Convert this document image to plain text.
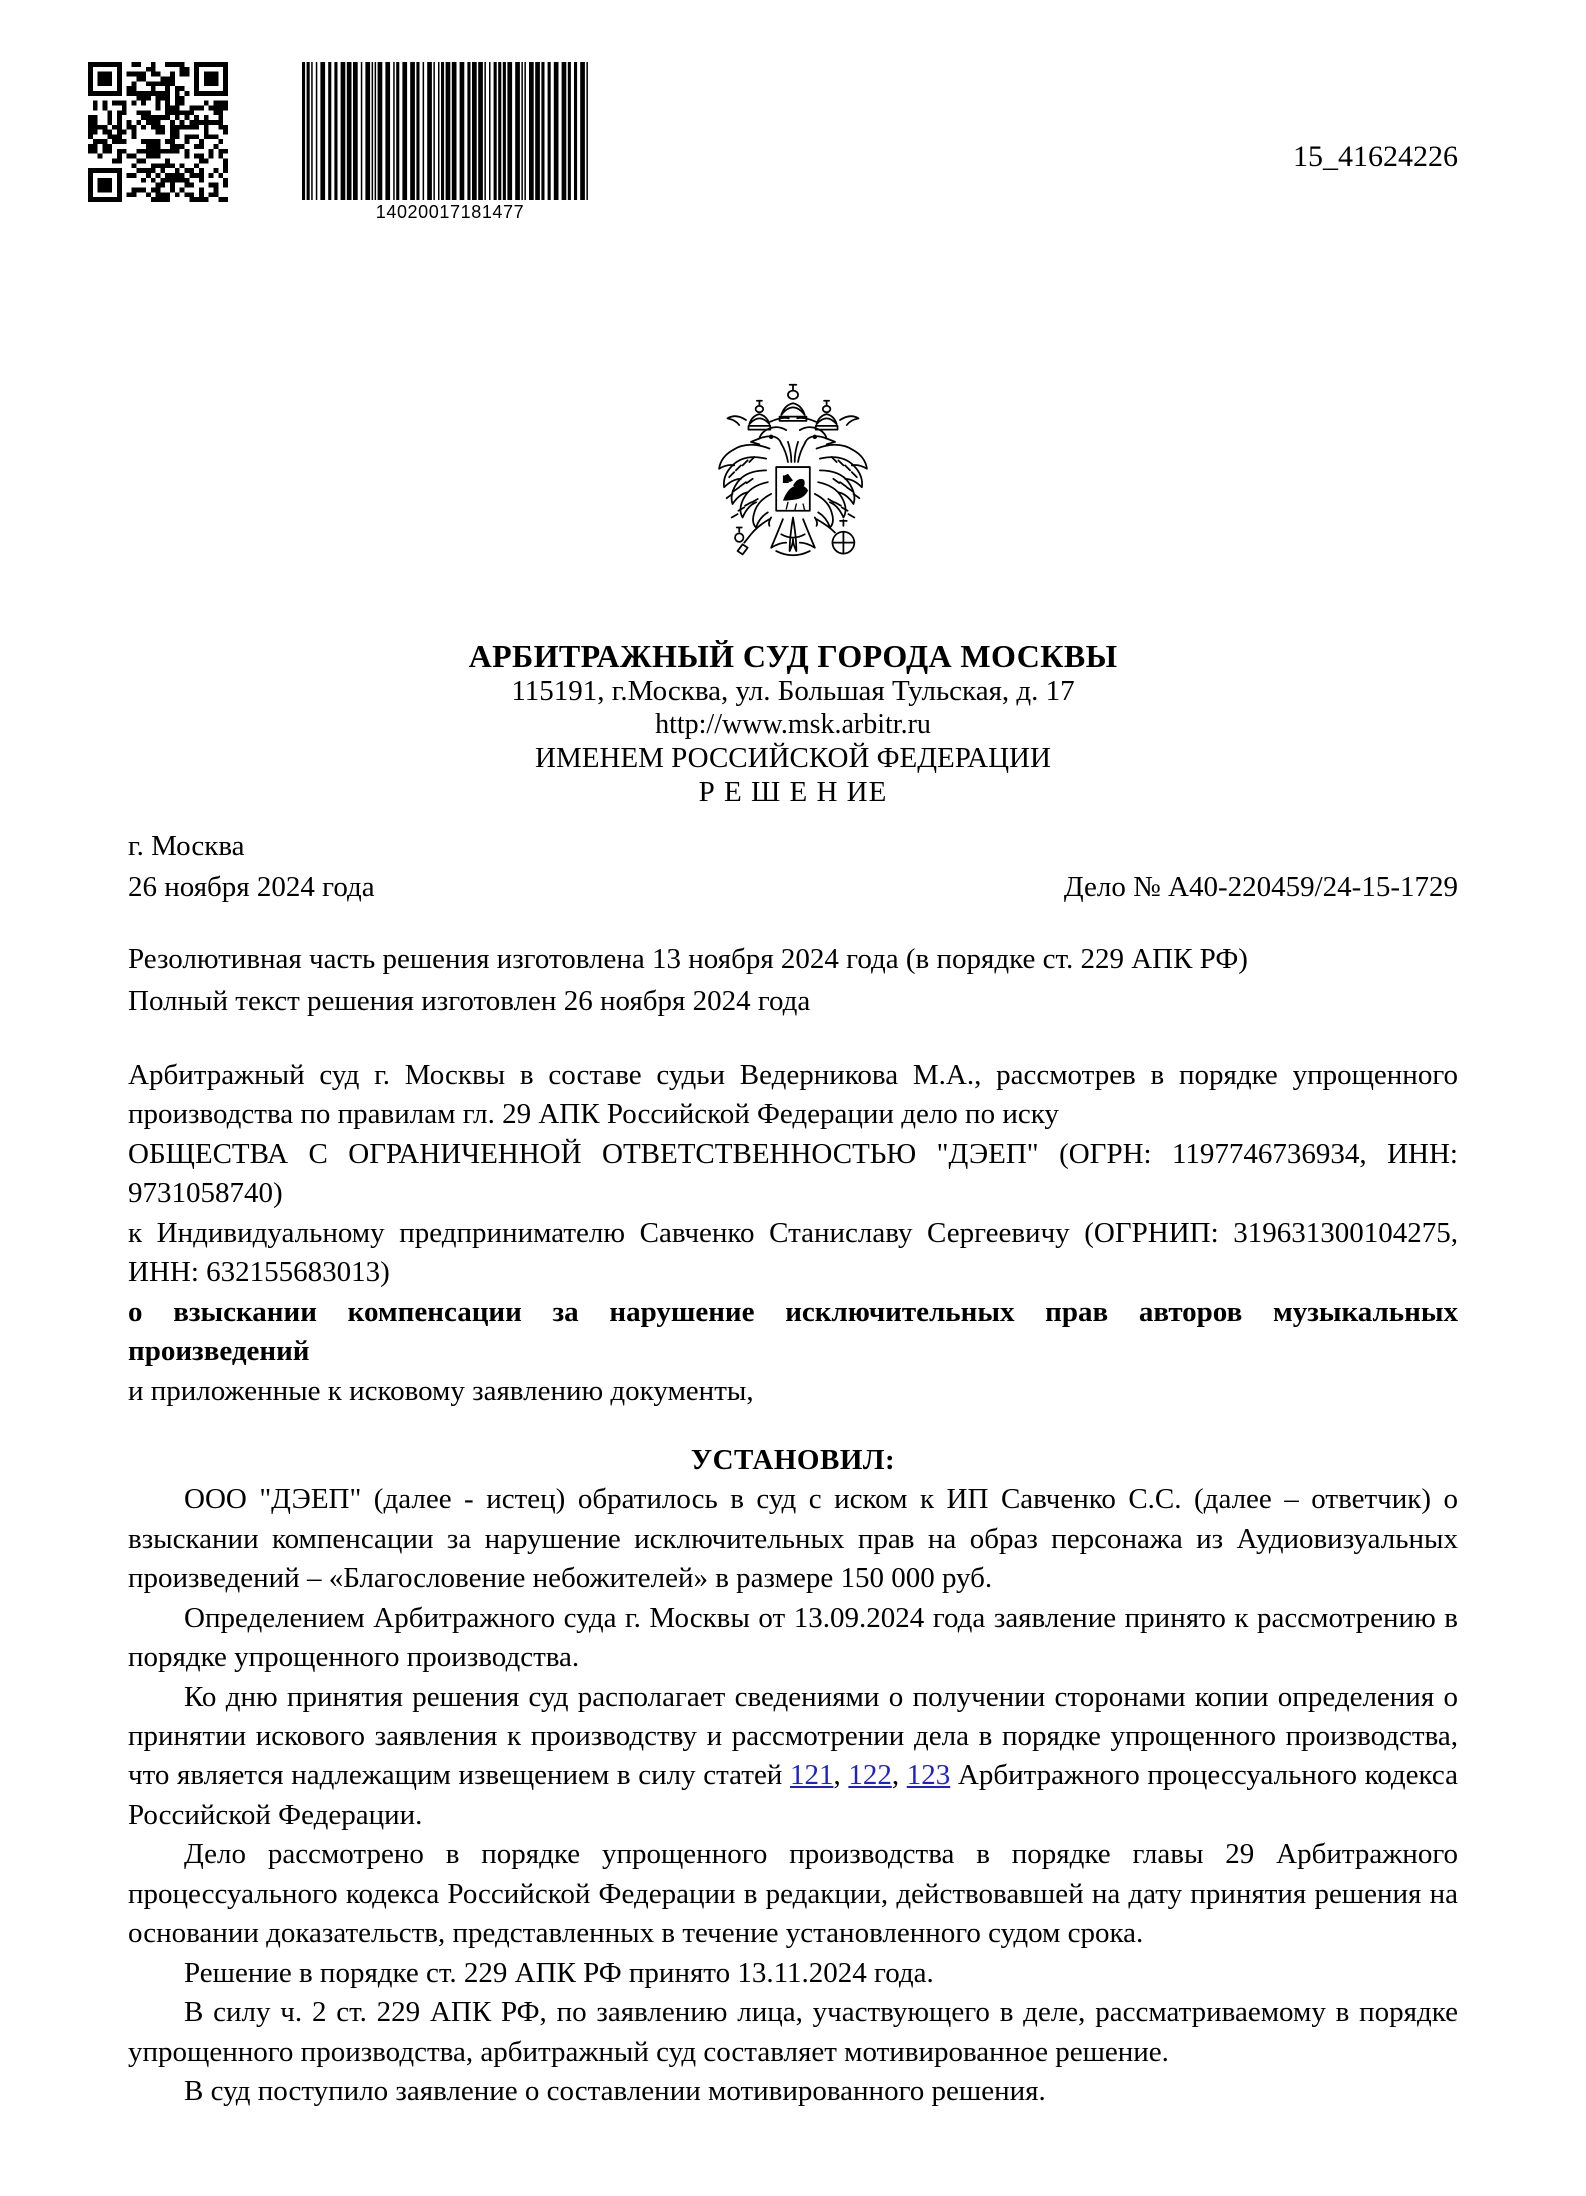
14020017181477
15_41624226
АРБИТРАЖНЫЙ СУД ГОРОДА МОСКВЫ
115191, г.Москва, ул. Большая Тульская, д. 17
http://www.msk.arbitr.ru
ИМЕНЕМ РОССИЙСКОЙ ФЕДЕРАЦИИ
Р Е Ш Е Н ИЕ
г. Москва
26 ноября 2024 года	Дело № А40-220459/24-15-1729
Резолютивная часть решения изготовлена 13 ноября 2024 года (в порядке ст. 229 АПК РФ)
Полный текст решения изготовлен 26 ноября 2024 года

Арбитражный суд г. Москвы в составе судьи Ведерникова М.А., рассмотрев в порядке упрощенного производства по правилам гл. 29 АПК Российской Федерации дело по иску

ОБЩЕСТВА С ОГРАНИЧЕННОЙ ОТВЕТСТВЕННОСТЬЮ "ДЭЕП" (ОГРН: 1197746736934, ИНН: 9731058740)

к Индивидуальному предпринимателю Савченко Станиславу Сергеевичу (ОГРНИП: 319631300104275, ИНН: 632155683013)

о взыскании компенсации за нарушение исключительных прав авторов музыкальных произведений

и приложенные к исковому заявлению документы,

УСТАНОВИЛ:

ООО "ДЭЕП" (далее - истец) обратилось в суд с иском к ИП Савченко С.С. (далее – ответчик) о взыскании компенсации за нарушение исключительных прав на образ персонажа из Аудиовизуальных произведений – «Благословение небожителей» в размере 150 000 руб.

Определением Арбитражного суда г. Москвы от 13.09.2024 года заявление принято к рассмотрению в порядке упрощенного производства.

Ко дню принятия решения суд располагает сведениями о получении сторонами копии определения о принятии искового заявления к производству и рассмотрении дела в порядке упрощенного производства, что является надлежащим извещением в силу статей 121, 122, 123 Арбитражного процессуального кодекса Российской Федерации.

Дело рассмотрено в порядке упрощенного производства в порядке главы 29 Арбитражного процессуального кодекса Российской Федерации в редакции, действовавшей на дату принятия решения на основании доказательств, представленных в течение установленного судом срока.

Решение в порядке ст. 229 АПК РФ принято 13.11.2024 года.

В силу ч. 2 ст. 229 АПК РФ, по заявлению лица, участвующего в деле, рассматриваемому в порядке упрощенного производства, арбитражный суд составляет мотивированное решение.

В суд поступило заявление о составлении мотивированного решения.
